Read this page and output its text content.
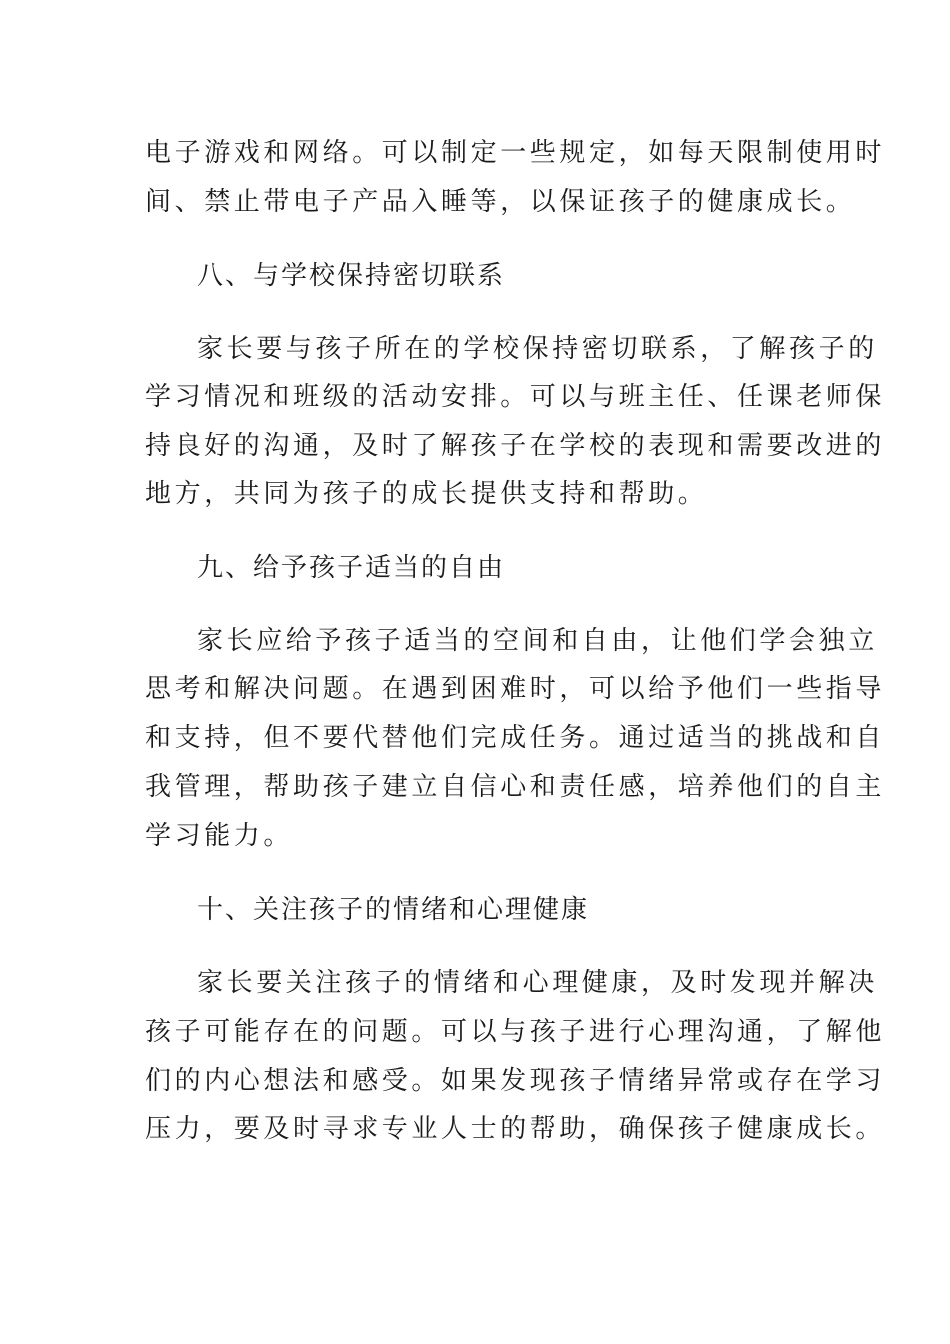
电子游戏和网络。可以制定一些规定，如每天限制使用时
间、禁止带电子产品入睡等，以保证孩子的健康成长。
八、与学校保持密切联系
家长要与孩子所在的学校保持密切联系，了解孩子的
学习情况和班级的活动安排。可以与班主任、任课老师保
持良好的沟通，及时了解孩子在学校的表现和需要改进的
地方，共同为孩子的成长提供支持和帮助。
九、给予孩子适当的自由
家长应给予孩子适当的空间和自由，让他们学会独立
思考和解决问题。在遇到困难时，可以给予他们一些指导
和支持，但不要代替他们完成任务。通过适当的挑战和自
我管理，帮助孩子建立自信心和责任感，培养他们的自主
学习能力。
十、关注孩子的情绪和心理健康
家长要关注孩子的情绪和心理健康，及时发现并解决
孩子可能存在的问题。可以与孩子进行心理沟通，了解他
们的内心想法和感受。如果发现孩子情绪异常或存在学习
压力，要及时寻求专业人士的帮助，确保孩子健康成长。
